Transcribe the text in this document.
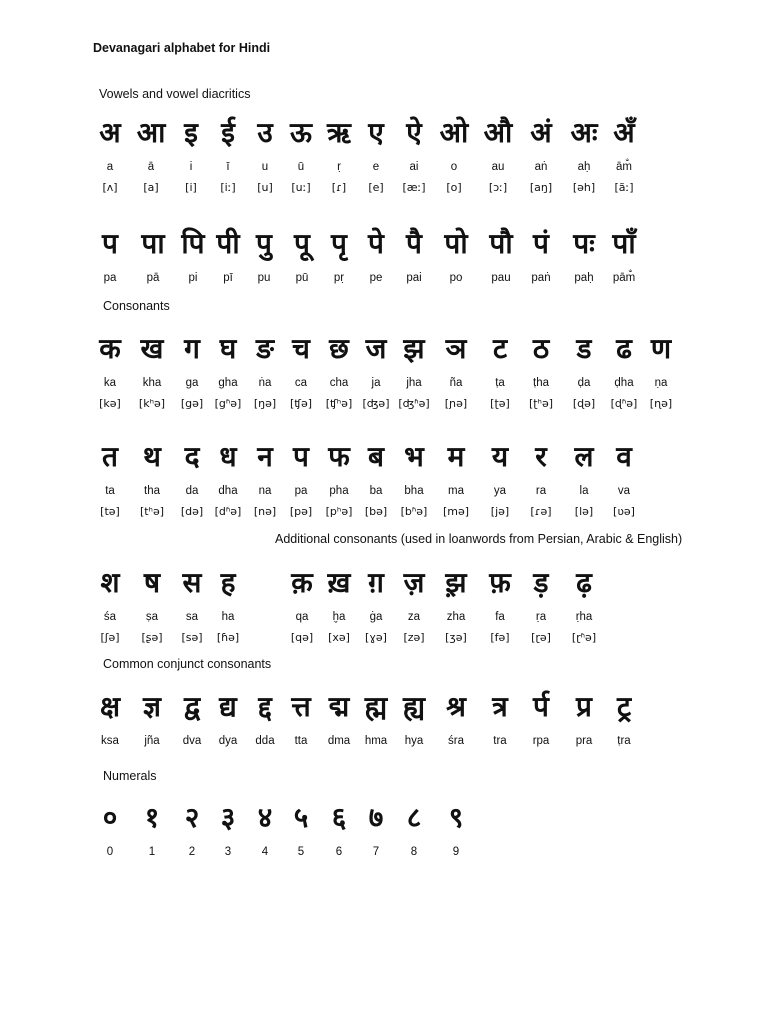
Devanagari alphabet for Hindi
Vowels and vowel diacritics
Consonants
Additional consonants (used in loanwords from Persian, Arabic & English)
Common conjunct consonants
Numerals
अ
a
[ʌ]
आ
ā
[a]
इ
i
[i]
ई
ī
[iː]
उ
u
[u]
ऊ
ū
[uː]
ऋ
ṛ
[ɾ]
ए
e
[e]
ऐ
ai
[æː]
ओ
o
[o]
औ
au
[ɔː]
अं
aṅ
[aŋ]
अः
aḥ
[əh]
अँ
ām̐
[ãː]
प
pa
पा
pā
पि
pi
पी
pī
पु
pu
पू
pū
पृ
pṛ
पे
pe
पै
pai
पो
po
पौ
pau
पं
paṅ
पः
paḥ
पाँ
pām̐
क
ka
[kə]
ख
kha
[kʰə]
ग
ga
[gə]
घ
gha
[gʱə]
ङ
ṅa
[ŋə]
च
ca
[ʧə]
छ
cha
[ʧʰə]
ज
ja
[ʤə]
झ
jha
[ʤʱə]
ञ
ña
[ɲə]
ट
ṭa
[ʈə]
ठ
ṭha
[ʈʰə]
ड
ḍa
[ɖə]
ढ
ḍha
[ɖʱə]
ण
ṇa
[ɳə]
त
ta
[tə]
थ
tha
[tʰə]
द
da
[də]
ध
dha
[dʱə]
न
na
[nə]
प
pa
[pə]
फ
pha
[pʰə]
ब
ba
[bə]
भ
bha
[bʱə]
म
ma
[mə]
य
ya
[jə]
र
ra
[ɾə]
ल
la
[lə]
व
va
[ʋə]
श
śa
[ʃə]
ष
ṣa
[ʂə]
स
sa
[sə]
ह
ha
[ɦə]
क़
qa
[qə]
ख़
ḫa
[xə]
ग़
ġa
[ɣə]
ज़
za
[zə]
झ़
zha
[ʒə]
फ़
fa
[fə]
ड़
ṛa
[ɽə]
ढ़
ṛha
[ɽʱə]
क्ष
ksa
ज्ञ
jña
द्व
dva
द्य
dya
द्द
dda
त्त
tta
द्म
dma
ह्म
hma
ह्य
hya
श्र
śra
त्र
tra
र्प
rpa
प्र
pra
ट्र
ṭra
०
0
१
1
२
2
३
3
४
4
५
5
६
6
७
7
८
8
९
9
